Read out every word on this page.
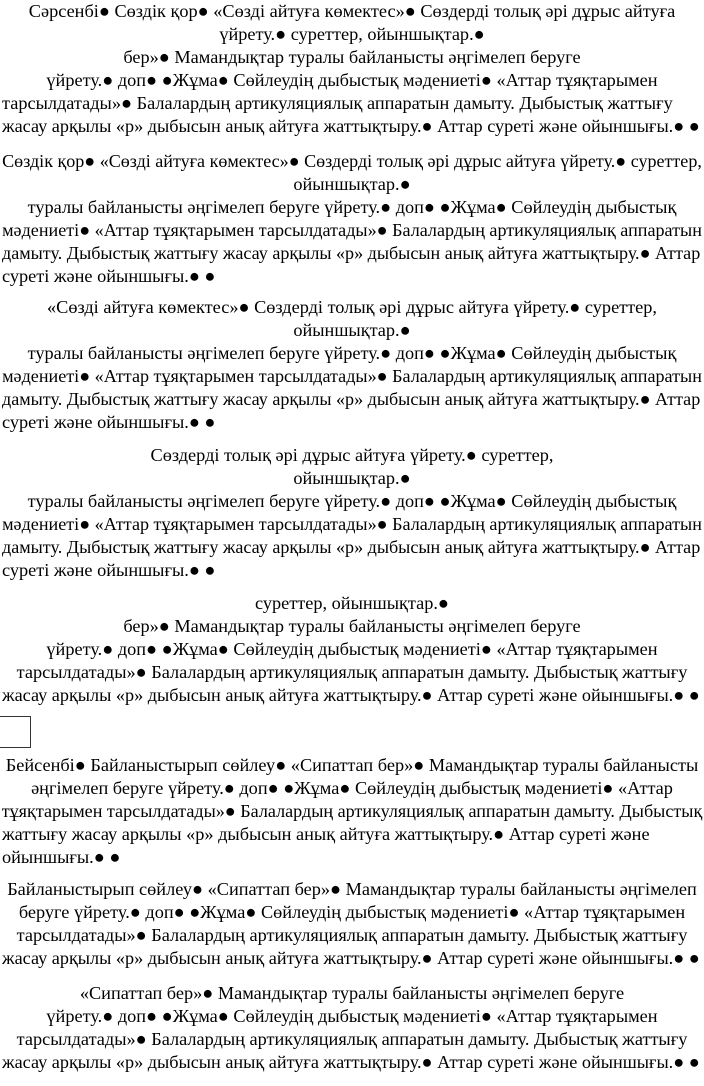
Сәрсенбі● Сөздік қор● «Сөзді айтуға көмектес»● Сөздерді толық әрі дұрыс айтуға
үйрету.● суреттер, ойыншықтар.●
бер»● Мамандықтар туралы байланысты әңгімелеп беруге
үйрету.● доп● ●Жұма● Сөйлеудің дыбыстық мәдениеті● «Аттар тұяқтарымен
тарсылдатады»● Балалардың артикуляциялық аппаратын дамыту. Дыбыстық жаттығу
жасау арқылы «р» дыбысын анық айтуға жаттықтыру.● Аттар суреті және ойыншығы.● ●
Сөздік қор● «Сөзді айтуға көмектес»● Сөздерді толық әрі дұрыс айтуға үйрету.● суреттер,
ойыншықтар.●
туралы байланысты әңгімелеп беруге үйрету.● доп● ●Жұма● Сөйлеудің дыбыстық
мәдениеті● «Аттар тұяқтарымен тарсылдатады»● Балалардың артикуляциялық аппаратын
дамыту. Дыбыстық жаттығу жасау арқылы «р» дыбысын анық айтуға жаттықтыру.● Аттар
суреті және ойыншығы.● ●
«Сөзді айтуға көмектес»● Сөздерді толық әрі дұрыс айтуға үйрету.● суреттер,
ойыншықтар.●
туралы байланысты әңгімелеп беруге үйрету.● доп● ●Жұма● Сөйлеудің дыбыстық
мәдениеті● «Аттар тұяқтарымен тарсылдатады»● Балалардың артикуляциялық аппаратын
дамыту. Дыбыстық жаттығу жасау арқылы «р» дыбысын анық айтуға жаттықтыру.● Аттар
суреті және ойыншығы.● ●
Сөздерді толық әрі дұрыс айтуға үйрету.● суреттер,
ойыншықтар.●
туралы байланысты әңгімелеп беруге үйрету.● доп● ●Жұма● Сөйлеудің дыбыстық
мәдениеті● «Аттар тұяқтарымен тарсылдатады»● Балалардың артикуляциялық аппаратын
дамыту. Дыбыстық жаттығу жасау арқылы «р» дыбысын анық айтуға жаттықтыру.● Аттар
суреті және ойыншығы.● ●
суреттер, ойыншықтар.●
бер»● Мамандықтар туралы байланысты әңгімелеп беруге
үйрету.● доп● ●Жұма● Сөйлеудің дыбыстық мәдениеті● «Аттар тұяқтарымен
тарсылдатады»● Балалардың артикуляциялық аппаратын дамыту. Дыбыстық жаттығу
жасау арқылы «р» дыбысын анық айтуға жаттықтыру.● Аттар суреті және ойыншығы.● ●
Бейсенбі● Байланыстырып сөйлеу● «Сипаттап бер»● Мамандықтар туралы байланысты
әңгімелеп беруге үйрету.● доп● ●Жұма● Сөйлеудің дыбыстық мәдениеті● «Аттар
тұяқтарымен тарсылдатады»● Балалардың артикуляциялық аппаратын дамыту. Дыбыстық
жаттығу жасау арқылы «р» дыбысын анық айтуға жаттықтыру.● Аттар суреті және
ойыншығы.● ●
Байланыстырып сөйлеу● «Сипаттап бер»● Мамандықтар туралы байланысты әңгімелеп
беруге үйрету.● доп● ●Жұма● Сөйлеудің дыбыстық мәдениеті● «Аттар тұяқтарымен
тарсылдатады»● Балалардың артикуляциялық аппаратын дамыту. Дыбыстық жаттығу
жасау арқылы «р» дыбысын анық айтуға жаттықтыру.● Аттар суреті және ойыншығы.● ●
«Сипаттап бер»● Мамандықтар туралы байланысты әңгімелеп беруге
үйрету.● доп● ●Жұма● Сөйлеудің дыбыстық мәдениеті● «Аттар тұяқтарымен
тарсылдатады»● Балалардың артикуляциялық аппаратын дамыту. Дыбыстық жаттығу
жасау арқылы «р» дыбысын анық айтуға жаттықтыру.● Аттар суреті және ойыншығы.● ●
